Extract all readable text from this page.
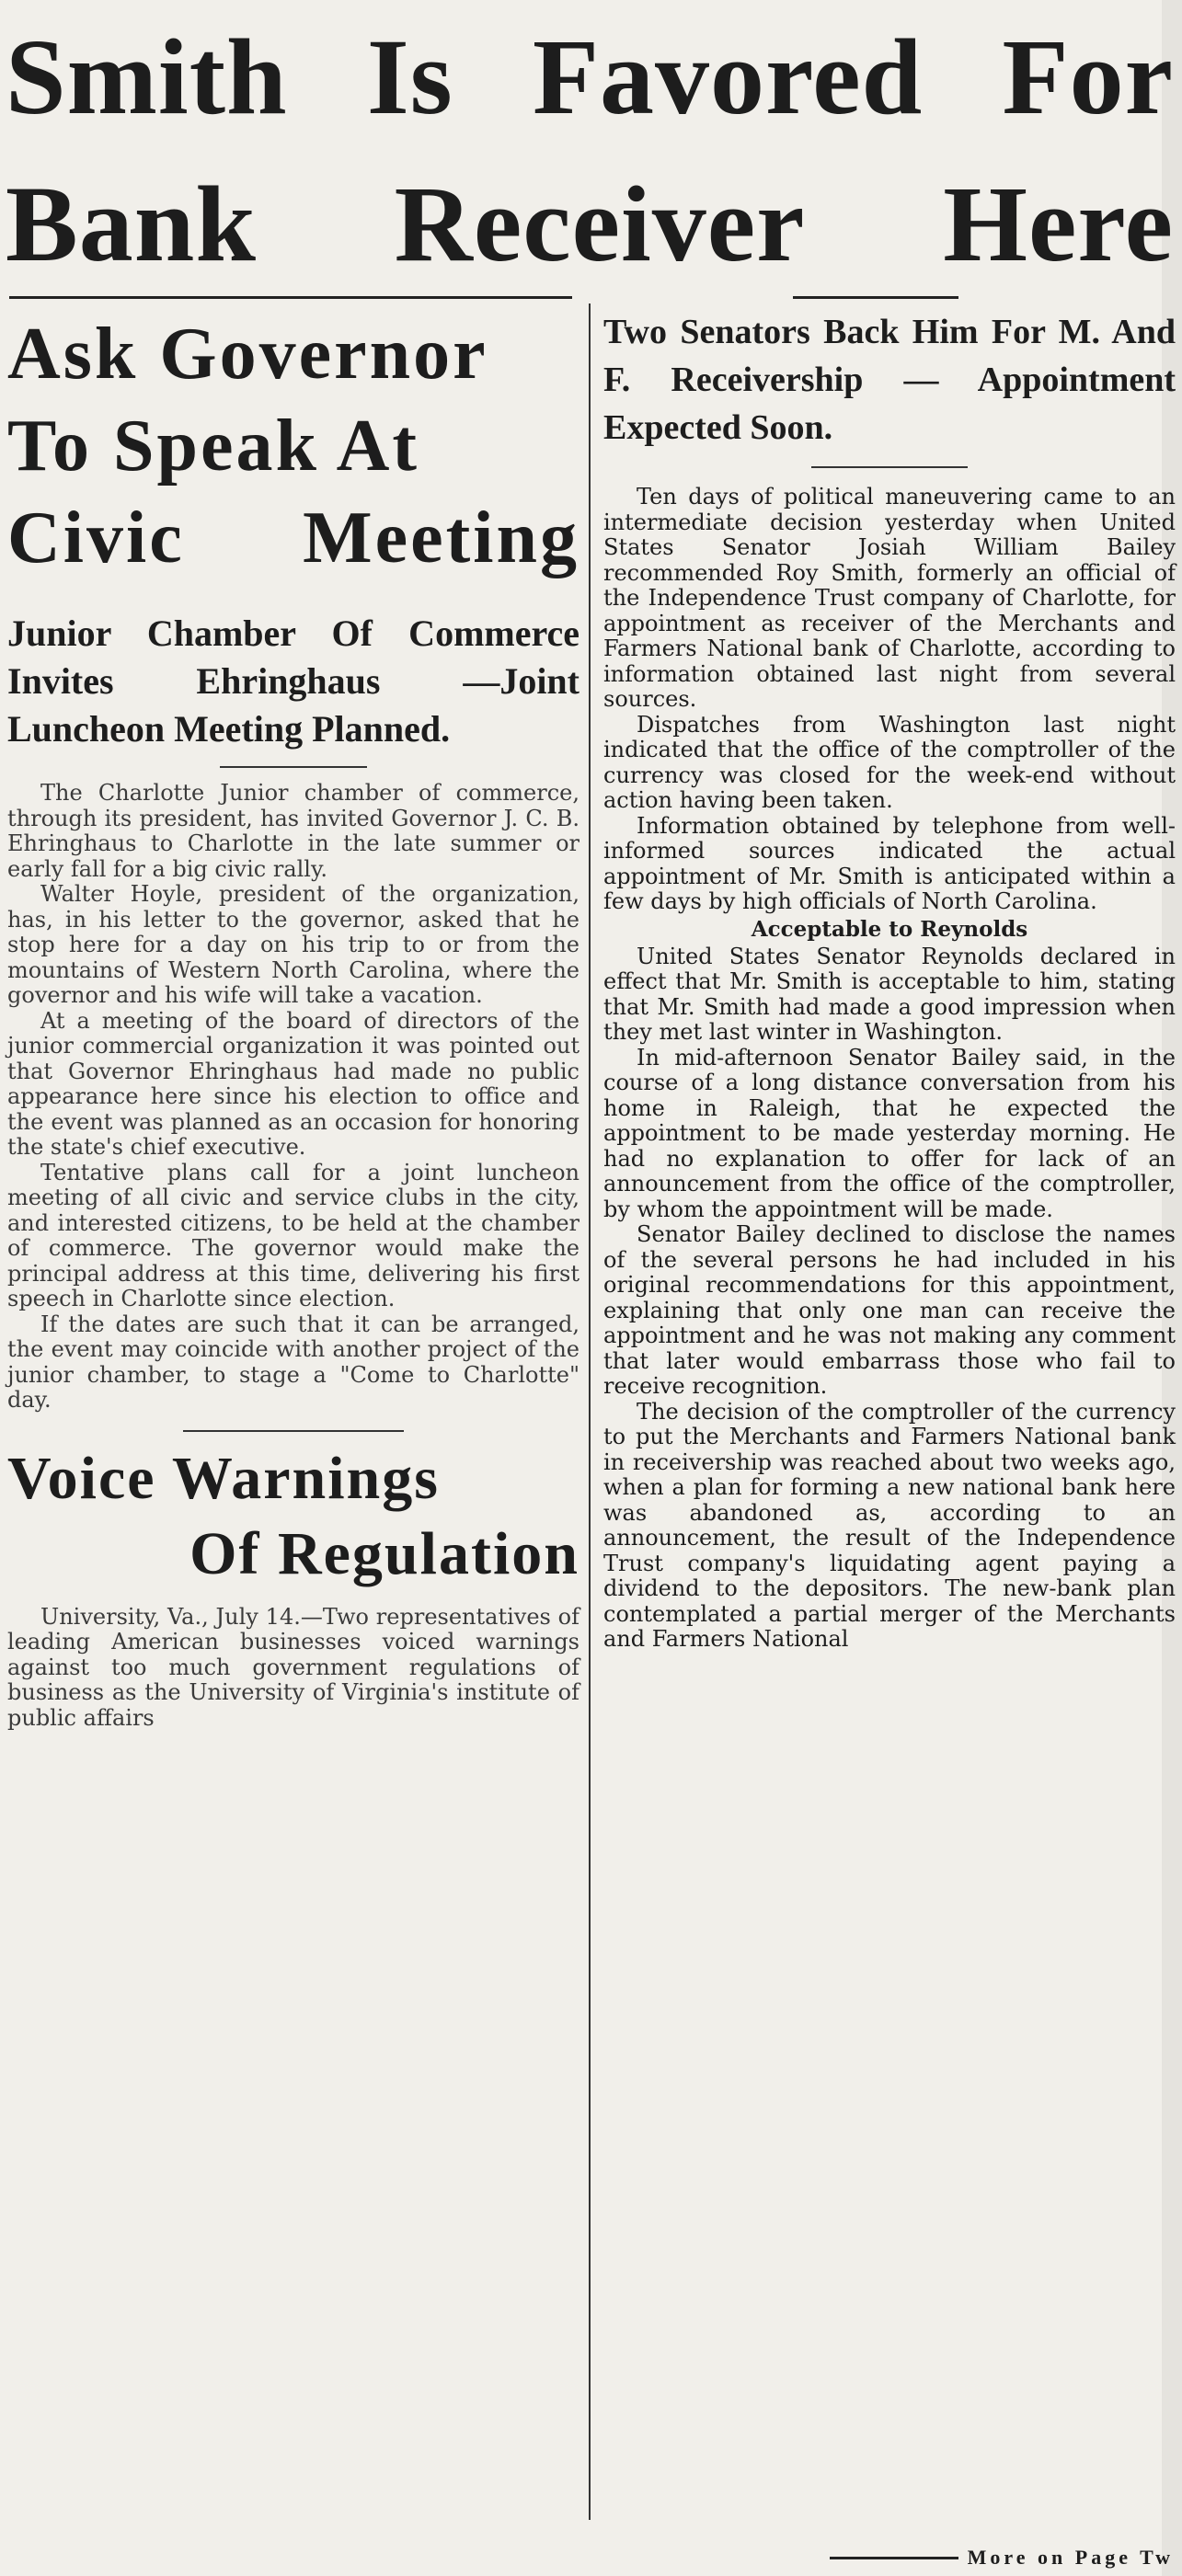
Smith Is Favored For
Bank Receiver Here
Ask Governor
To Speak At
Civic Meeting

Junior Chamber Of Commerce Invites Ehringhaus —Joint Luncheon Meeting Planned.

The Charlotte Junior chamber of commerce, through its president, has invited Governor J. C. B. Ehringhaus to Charlotte in the late summer or early fall for a big civic rally.

Walter Hoyle, president of the organization, has, in his letter to the governor, asked that he stop here for a day on his trip to or from the mountains of Western North Carolina, where the governor and his wife will take a vacation.

At a meeting of the board of directors of the junior commercial organization it was pointed out that Governor Ehringhaus had made no public appearance here since his election to office and the event was planned as an occasion for honoring the state's chief executive.

Tentative plans call for a joint luncheon meeting of all civic and service clubs in the city, and interested citizens, to be held at the chamber of commerce. The governor would make the principal address at this time, delivering his first speech in Charlotte since election.

If the dates are such that it can be arranged, the event may coincide with another project of the junior chamber, to stage a "Come to Charlotte" day.

Voice Warnings
Of Regulation

University, Va., July 14.—Two representatives of leading American businesses voiced warnings against too much government regulations of business as the University of Virginia's institute of public affairs

Two Senators Back Him For M. And F. Receivership — Appointment Expected Soon.

Ten days of political maneuvering came to an intermediate decision yesterday when United States Senator Josiah William Bailey recommended Roy Smith, formerly an official of the Independence Trust company of Charlotte, for appointment as receiver of the Merchants and Farmers National bank of Charlotte, according to information obtained last night from several sources.

Dispatches from Washington last night indicated that the office of the comptroller of the currency was closed for the week-end without action having been taken.

Information obtained by telephone from well-informed sources indicated the actual appointment of Mr. Smith is anticipated within a few days by high officials of North Carolina.

Acceptable to Reynolds

United States Senator Reynolds declared in effect that Mr. Smith is acceptable to him, stating that Mr. Smith had made a good impression when they met last winter in Washington.

In mid-afternoon Senator Bailey said, in the course of a long distance conversation from his home in Raleigh, that he expected the appointment to be made yesterday morning. He had no explanation to offer for lack of an announcement from the office of the comptroller, by whom the appointment will be made.

Senator Bailey declined to disclose the names of the several persons he had included in his original recommendations for this appointment, explaining that only one man can receive the appointment and he was not making any comment that later would embarrass those who fail to receive recognition.

The decision of the comptroller of the currency to put the Merchants and Farmers National bank in receivership was reached about two weeks ago, when a plan for forming a new national bank here was abandoned as, according to an announcement, the result of the Independence Trust company's liquidating agent paying a dividend to the depositors. The new-bank plan contemplated a partial merger of the Merchants and Farmers National

More on Page Tw
